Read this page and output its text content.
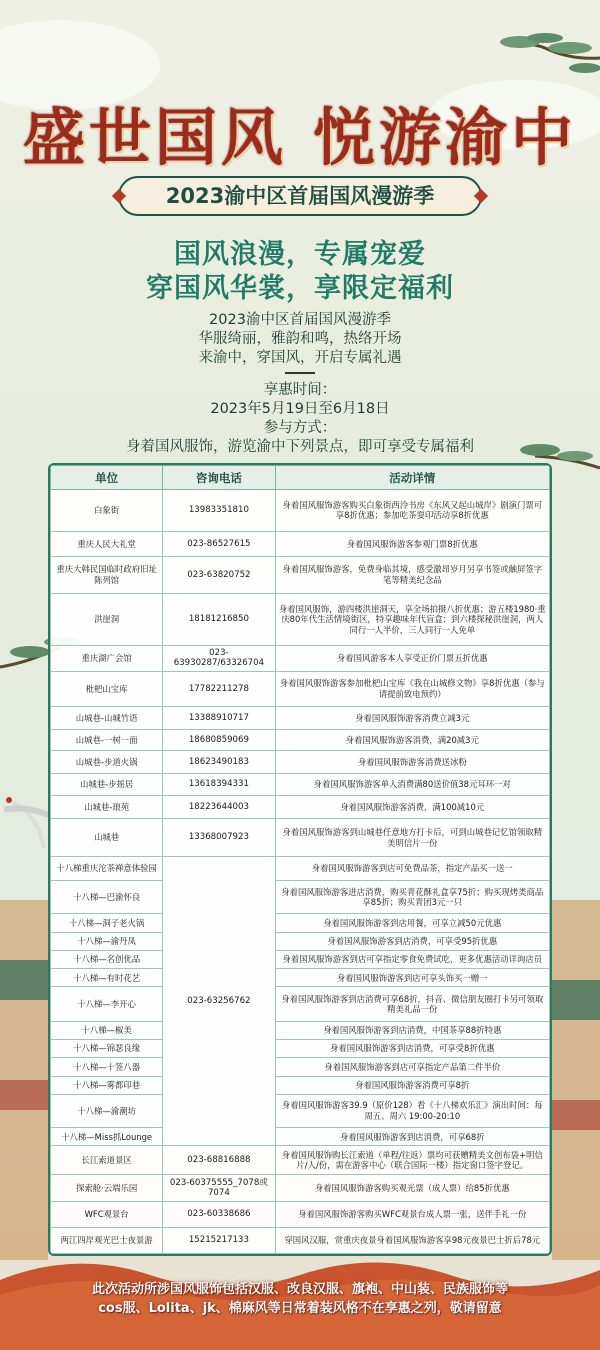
盛世国风 悦游渝中
2023渝中区首届国风漫游季
国风浪漫，专属宠爱
穿国风华裳，享限定福利
2023渝中区首届国风漫游季
华服绮丽，雅韵和鸣，热络开场
来渝中，穿国风，开启专属礼遇
享惠时间：
2023年5月19日至6月18日
参与方式：
身着国风服饰，游览渝中下列景点，即可享受专属福利
单位	咨询电话	活动详情
白象街	13983351810	身着国风服饰游客购买白象街西泠书房《东风又起山城岸》剧演门票可享8折优惠；参加吃茶耍印活动享8折优惠
重庆人民大礼堂	023-86527615	身着国风服饰游客参观门票8折优惠
重庆大韩民国临时政府旧址陈列馆	023-63820752	身着国风服饰游客，免费身临其境，感受激昂岁月另享书签或触屏签字笔等精美纪念品
洪崖洞	18181216850	身着国风服饰，游四楼洪崖洞天，享全场拍摄八折优惠；游五楼1980·重庆80年代生活情境街区，特享趣味年代盲盒；到六楼探秘洪崖洞，两人同行一人半价，三人同行一人免单
重庆湖广会馆	023-63930287/63326704	身着国风游客本人享受正价门票五折优惠
枇杷山宝库	17782211278	身着国风服饰游客参加枇杷山宝库《我在山城修文物》享8折优惠（参与请提前致电预约）
山城巷-山城竹语	13388910717	身着国风服饰游客消费立减3元
山城巷-一树一面	18680859069	身着国风服饰游客消费，满20减3元
山城巷-步道火锅	18623490183	身着国风服饰游客消费送冰粉
山城巷-步摇居	13618394331	身着国风服饰游客单人消费满80送价值38元耳环一对
山城巷-琅苑	18223644003	身着国风服饰游客消费，满100减10元
山城巷	13368007923	身着国风服饰游客到山城巷任意地方打卡后，可到山城巷记忆馆领取精美明信片一份
十八梯重庆沱茶禅意体验园	023-63256762	身着国风服饰游客到店可免费品茶，指定产品买一送一
十八梯—巴渝怀良		身着国风服饰游客进店消费，购买青花酥礼盒享75折；购买现烤类商品享85折；购买青团3元一只
十八梯—洞子老火锅		身着国风服饰游客到店用餐，可享立减50元优惠
十八梯—渝丹凤		身着国风服饰游客到店消费，可享受95折优惠
十八梯—名创优品		身着国风服饰游客到店可享指定零食免费试吃，更多优惠活动详询店员
十八梯—有时花艺		身着国风服饰游客到店可享头饰买一赠一
十八梯—李开心		身着国风服饰游客到店消费可享68折，抖音、微信朋友圈打卡另可领取精美礼品一份
十八梯—椒美		身着国风服饰游客到店消费，中国茶享88折特惠
十八梯—锦瑟良缘		身着国风服饰游客到店消费，可享受8折优惠
十八梯—十签八器		身着国风服饰游客到店可享指定产品第二件半价
十八梯—雾都印巷		身着国风服饰游客消费可享8折
十八梯—渝潮坊		身着国风服饰游客39.9（原价128）看《十八梯欢乐汇》演出时间：每周五、周六 19:00-20:10
十八梯—Miss抓Lounge		身着国风服饰游客到店消费，可享68折
长江索道景区	023-68816888	身着国风服饰购长江索道（单程/往返）票均可获赠精美文创布袋+明信片/人/份，需在游客中心（联合国际一楼）指定窗口签字登记。
探索舱·云端乐园	023-60375555_7078或7074	身着国风服饰游客购买观光票（成人票）给85折优惠
WFC观景台	023-60338686	身着国风服饰游客购买WFC观景台成人票一张，送伴手礼一份
两江四岸观光巴士夜景游	15215217133	穿国风汉服，赏重庆夜景身着国风服饰游客享98元夜景巴士折后78元
此次活动所涉国风服饰包括汉服、改良汉服、旗袍、中山装、民族服饰等
cos服、Lolita、jk、棉麻风等日常着装风格不在享惠之列，敬请留意
